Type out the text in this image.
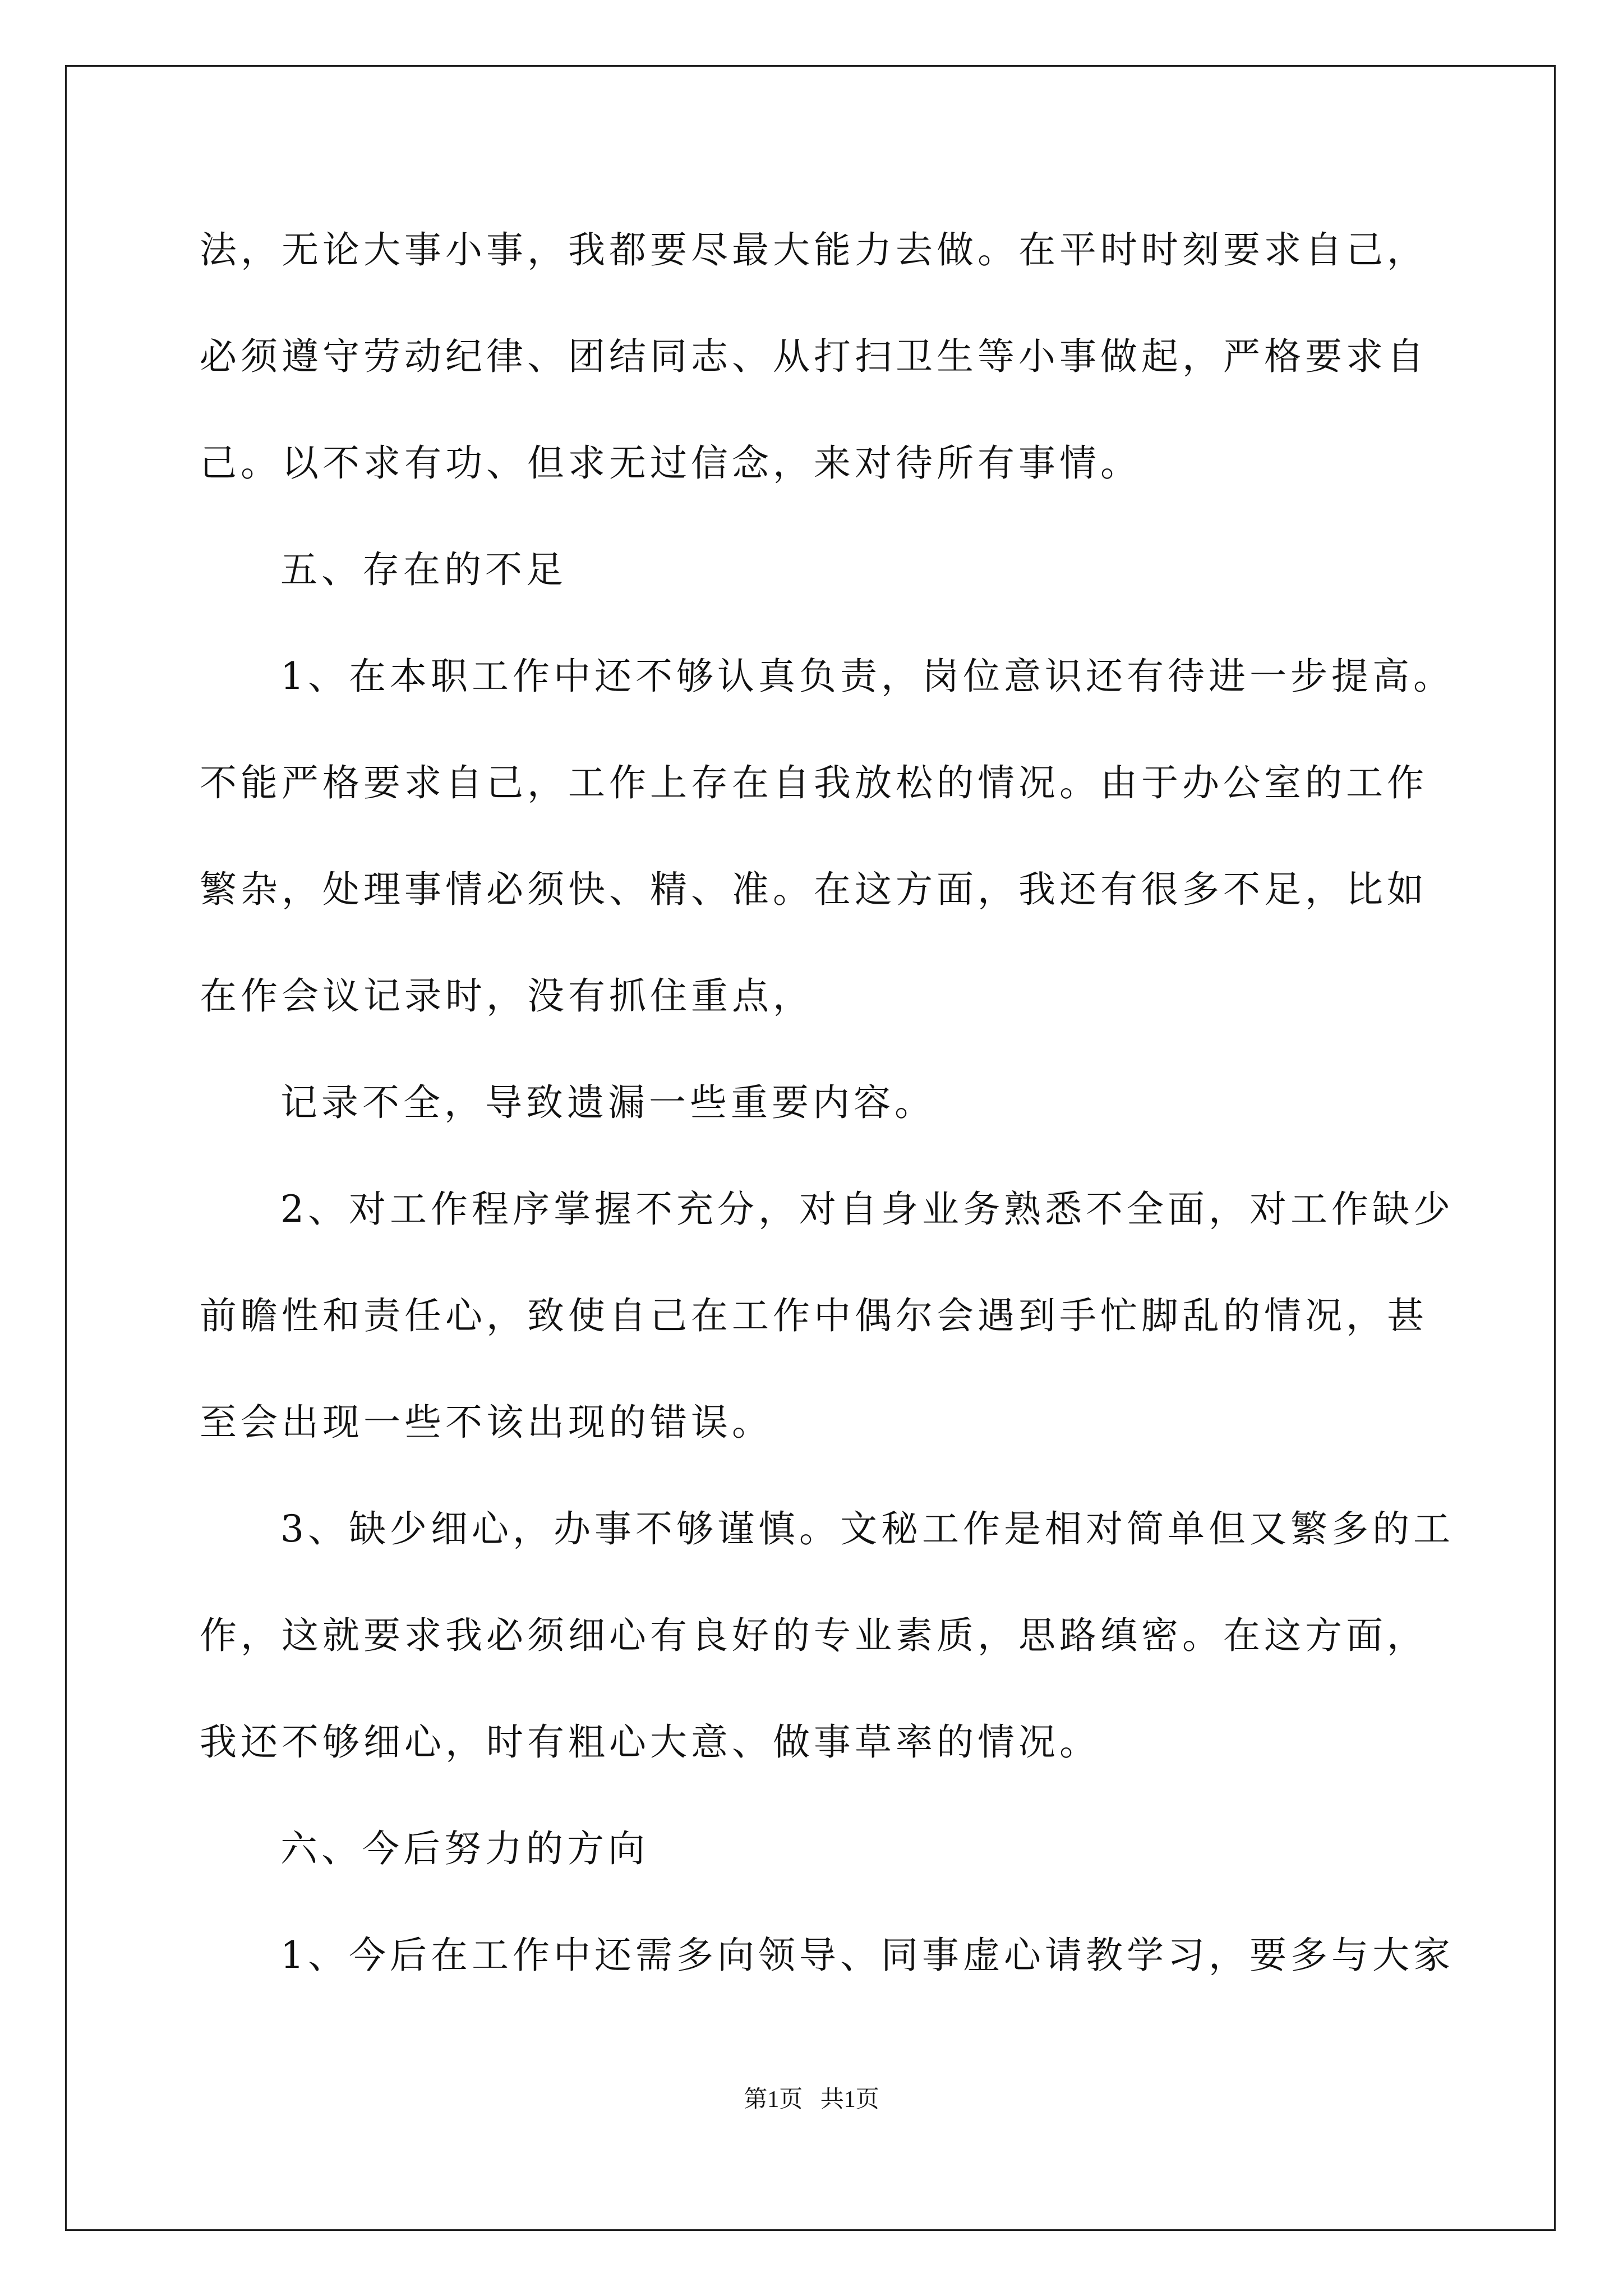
法，无论大事小事，我都要尽最大能力去做。在平时时刻要求自己，
必须遵守劳动纪律、团结同志、从打扫卫生等小事做起，严格要求自
己。以不求有功、但求无过信念，来对待所有事情。
五、存在的不足
1、在本职工作中还不够认真负责，岗位意识还有待进一步提高。
不能严格要求自己，工作上存在自我放松的情况。由于办公室的工作
繁杂，处理事情必须快、精、准。在这方面，我还有很多不足，比如
在作会议记录时，没有抓住重点，
记录不全，导致遗漏一些重要内容。
2、对工作程序掌握不充分，对自身业务熟悉不全面，对工作缺少
前瞻性和责任心，致使自己在工作中偶尔会遇到手忙脚乱的情况，甚
至会出现一些不该出现的错误。
3、缺少细心，办事不够谨慎。文秘工作是相对简单但又繁多的工
作，这就要求我必须细心有良好的专业素质，思路缜密。在这方面，
我还不够细心，时有粗心大意、做事草率的情况。
六、今后努力的方向
1、今后在工作中还需多向领导、同事虚心请教学习，要多与大家
第1页   共1页
